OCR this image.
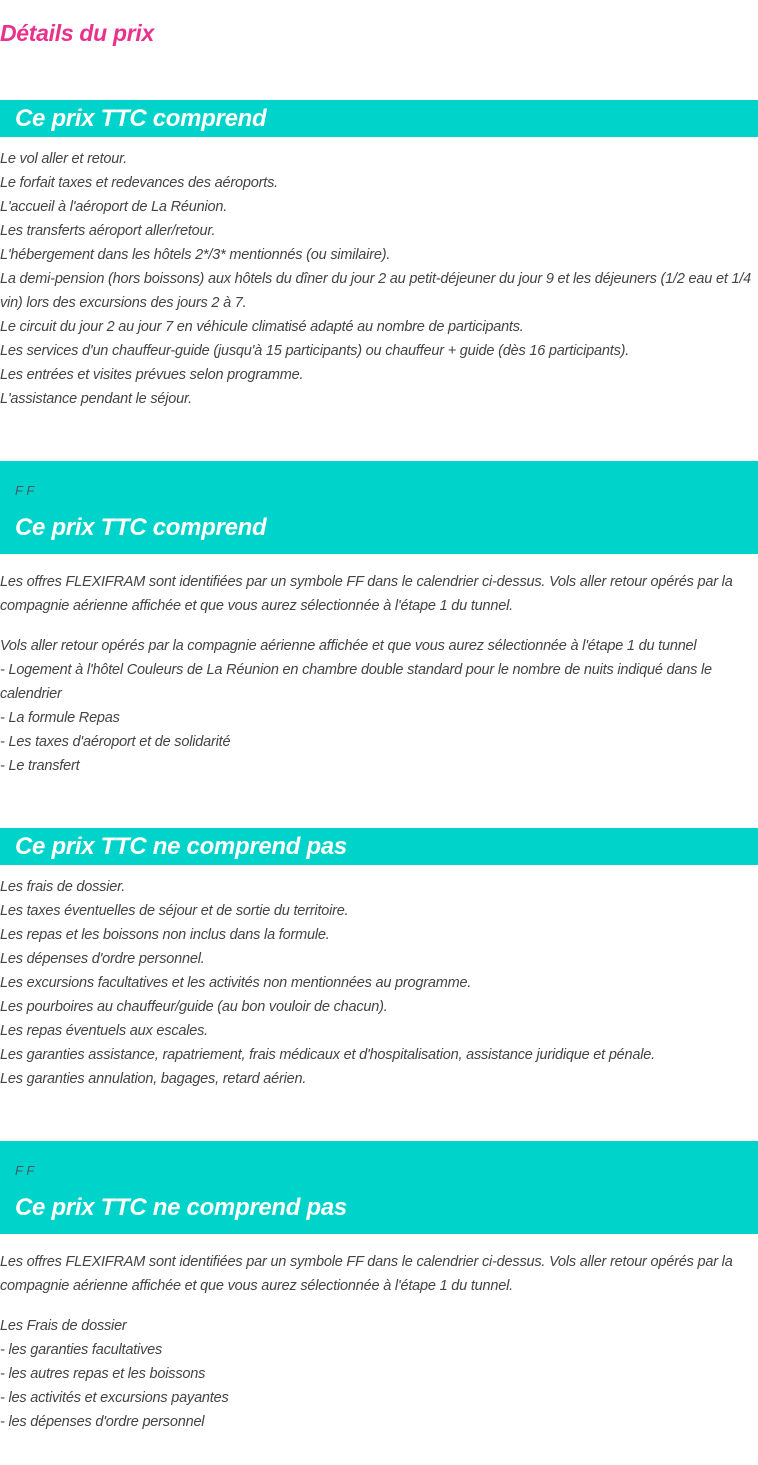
Détails du prix
Ce prix TTC comprend

Le vol aller et retour.

Le forfait taxes et redevances des aéroports.

L'accueil à l'aéroport de La Réunion.

Les transferts aéroport aller/retour.

L'hébergement dans les hôtels 2*/3* mentionnés (ou similaire).

La demi-pension (hors boissons) aux hôtels du dîner du jour 2 au petit-déjeuner du jour 9 et les déjeuners (1/2 eau et 1/4 vin) lors des excursions des jours 2 à 7.

Le circuit du jour 2 au jour 7 en véhicule climatisé adapté au nombre de participants.

Les services d'un chauffeur-guide (jusqu'à 15 participants) ou chauffeur + guide (dès 16 participants).

Les entrées et visites prévues selon programme.

L'assistance pendant le séjour.

F F
Ce prix TTC comprend

Les offres FLEXIFRAM sont identifiées par un symbole FF dans le calendrier ci-dessus. Vols aller retour opérés par la compagnie aérienne affichée et que vous aurez sélectionnée à l'étape 1 du tunnel.

Vols aller retour opérés par la compagnie aérienne affichée et que vous aurez sélectionnée à l'étape 1 du tunnel

- Logement à l'hôtel Couleurs de La Réunion en chambre double standard pour le nombre de nuits indiqué dans le calendrier

- La formule Repas

- Les taxes d'aéroport et de solidarité

- Le transfert

Ce prix TTC ne comprend pas

Les frais de dossier.

Les taxes éventuelles de séjour et de sortie du territoire.

Les repas et les boissons non inclus dans la formule.

Les dépenses d'ordre personnel.

Les excursions facultatives et les activités non mentionnées au programme.

Les pourboires au chauffeur/guide (au bon vouloir de chacun).

Les repas éventuels aux escales.

Les garanties assistance, rapatriement, frais médicaux et d'hospitalisation, assistance juridique et pénale.

Les garanties annulation, bagages, retard aérien.

F F
Ce prix TTC ne comprend pas

Les offres FLEXIFRAM sont identifiées par un symbole FF dans le calendrier ci-dessus. Vols aller retour opérés par la compagnie aérienne affichée et que vous aurez sélectionnée à l'étape 1 du tunnel.

Les Frais de dossier

- les garanties facultatives

- les autres repas et les boissons

- les activités et excursions payantes

- les dépenses d'ordre personnel
